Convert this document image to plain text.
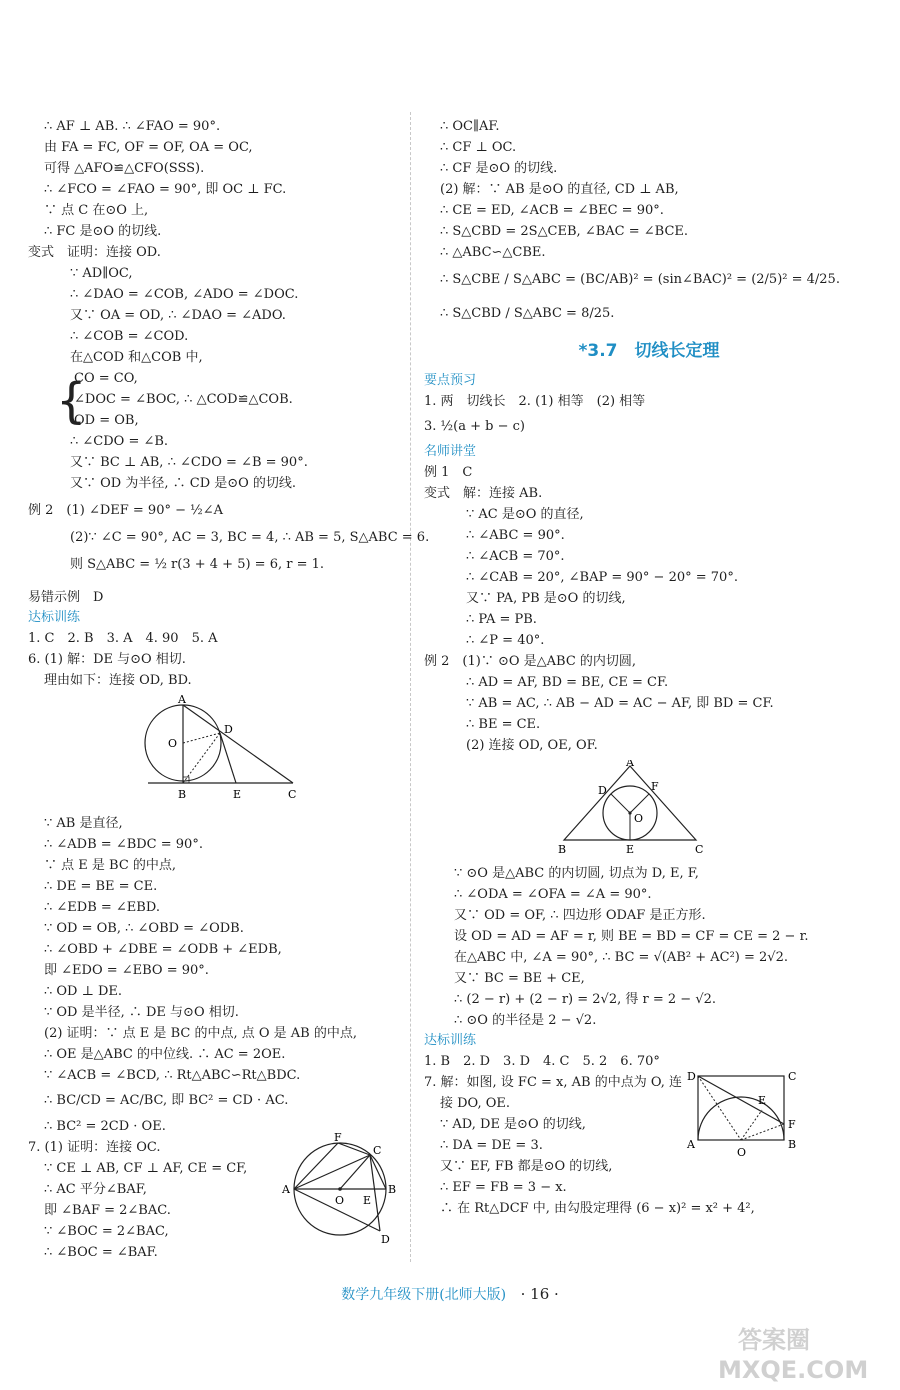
∴ AF ⊥ AB. ∴ ∠FAO = 90°.
由 FA = FC, OF = OF, OA = OC,
可得 △AFO≌△CFO(SSS).
∴ ∠FCO = ∠FAO = 90°, 即 OC ⊥ FC.
∵ 点 C 在⊙O 上,
∴ FC 是⊙O 的切线.
变式　证明：连接 OD.
∵ AD∥OC,
∴ ∠DAO = ∠COB, ∠ADO = ∠DOC.
又∵ OA = OD, ∴ ∠DAO = ∠ADO.
∴ ∠COB = ∠COD.
在△COD 和△COB 中,
{
CO = CO,
∠DOC = ∠BOC, ∴ △COD≌△COB.
OD = OB,
∴ ∠CDO = ∠B.
又∵ BC ⊥ AB, ∴ ∠CDO = ∠B = 90°.
又∵ OD 为半径, ∴ CD 是⊙O 的切线.
例 2　(1) ∠DEF = 90° − ½∠A
(2)∵ ∠C = 90°, AC = 3, BC = 4, ∴ AB = 5, S△ABC = 6.
则 S△ABC = ½ r(3 + 4 + 5) = 6, r = 1.
易错示例　D
达标训练
1. C　2. B　3. A　4. 90　5. A
6. (1) 解：DE 与⊙O 相切.
理由如下：连接 OD, BD.
A
O
D
B	E	C
∵ AB 是直径,
∴ ∠ADB = ∠BDC = 90°.
∵ 点 E 是 BC 的中点,
∴ DE = BE = CE.
∴ ∠EDB = ∠EBD.
∵ OD = OB, ∴ ∠OBD = ∠ODB.
∴ ∠OBD + ∠DBE = ∠ODB + ∠EDB,
即 ∠EDO = ∠EBO = 90°.
∴ OD ⊥ DE.
∵ OD 是半径, ∴ DE 与⊙O 相切.
(2) 证明：∵ 点 E 是 BC 的中点, 点 O 是 AB 的中点,
∴ OE 是△ABC 的中位线. ∴ AC = 2OE.
∵ ∠ACB = ∠BCD, ∴ Rt△ABC∽Rt△BDC.
∴ BC/CD = AC/BC, 即 BC² = CD · AC.
∴ BC² = 2CD · OE.
7. (1) 证明：连接 OC.
∵ CE ⊥ AB, CF ⊥ AF, CE = CF,
∴ AC 平分∠BAF,
即 ∠BAF = 2∠BAC.
∵ ∠BOC = 2∠BAC,
∴ ∠BOC = ∠BAF.
F
C
A
O E
B
D
∴ OC∥AF.
∴ CF ⊥ OC.
∴ CF 是⊙O 的切线.
(2) 解：∵ AB 是⊙O 的直径, CD ⊥ AB,
∴ CE = ED, ∠ACB = ∠BEC = 90°.
∴ S△CBD = 2S△CEB, ∠BAC = ∠BCE.
∴ △ABC∽△CBE.
∴ S△CBE / S△ABC = (BC/AB)² = (sin∠BAC)² = (2/5)² = 4/25.
∴ S△CBD / S△ABC = 8/25.
*3.7　切线长定理
要点预习
1. 两　切线长　2. (1) 相等　(2) 相等
3. ½(a + b − c)
名师讲堂
例 1　C
变式　解：连接 AB.
∵ AC 是⊙O 的直径,
∴ ∠ABC = 90°.
∴ ∠ACB = 70°.
∴ ∠CAB = 20°, ∠BAP = 90° − 20° = 70°.
又∵ PA, PB 是⊙O 的切线,
∴ PA = PB.
∴ ∠P = 40°.
例 2　(1)∵ ⊙O 是△ABC 的内切圆,
∴ AD = AF, BD = BE, CE = CF.
∵ AB = AC, ∴ AB − AD = AC − AF, 即 BD = CF.
∴ BE = CE.
(2) 连接 OD, OE, OF.
A
D	F
O
B	E	C
∵ ⊙O 是△ABC 的内切圆, 切点为 D, E, F,
∴ ∠ODA = ∠OFA = ∠A = 90°.
又∵ OD = OF, ∴ 四边形 ODAF 是正方形.
设 OD = AD = AF = r, 则 BE = BD = CF = CE = 2 − r.
在△ABC 中, ∠A = 90°, ∴ BC = √(AB² + AC²) = 2√2.
又∵ BC = BE + CE,
∴ (2 − r) + (2 − r) = 2√2, 得 r = 2 − √2.
∴ ⊙O 的半径是 2 − √2.
达标训练
1. B　2. D　3. D　4. C　5. 2　6. 70°
7. 解：如图, 设 FC = x, AB 的中点为 O, 连
接 DO, OE.
∵ AD, DE 是⊙O 的切线,
∴ DA = DE = 3.
又∵ EF, FB 都是⊙O 的切线,
∴ EF = FB = 3 − x.
∴ 在 Rt△DCF 中, 由勾股定理得 (6 − x)² = x² + 4²,
D	C
E
F
A
O
B
数学九年级下册(北师大版) · 16 ·
答案圈
MXQE.COM
